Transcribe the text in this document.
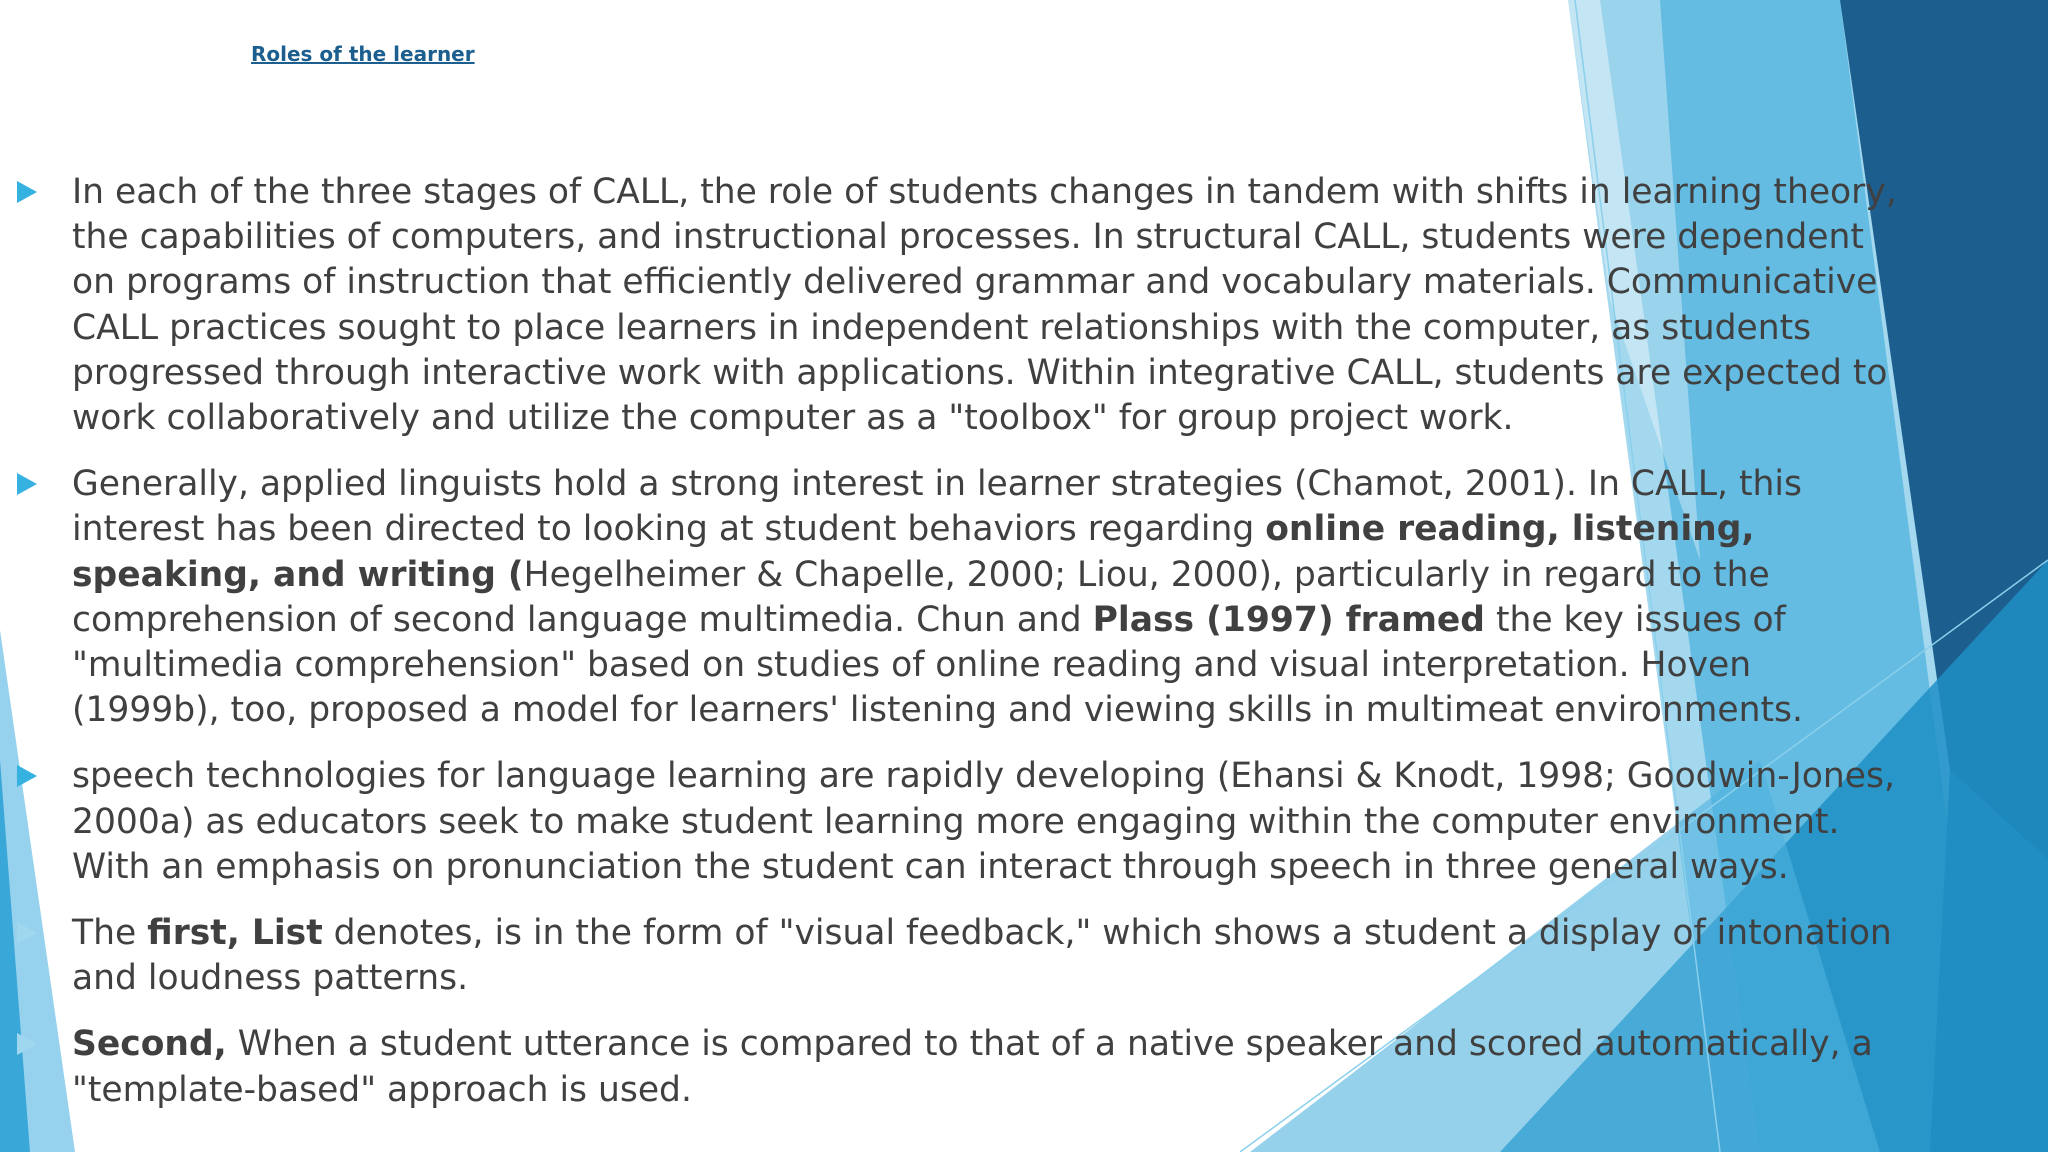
Roles of the learner
In each of the three stages of CALL, the role of students changes in tandem with shifts in learning theory, the capabilities of computers, and instructional processes. In structural CALL, students were dependent on programs of instruction that efficiently delivered grammar and vocabulary materials. Communicative CALL practices sought to place learners in independent relationships with the computer, as students progressed through interactive work with applications. Within integrative CALL, students are expected to work collaboratively and utilize the computer as a "toolbox" for group project work.
Generally, applied linguists hold a strong interest in learner strategies (Chamot, 2001). In CALL, this interest has been directed to looking at student behaviors regarding online reading, listening, speaking, and writing (Hegelheimer & Chapelle, 2000; Liou, 2000), particularly in regard to the comprehension of second language multimedia. Chun and Plass (1997) framed the key issues of "multimedia comprehension" based on studies of online reading and visual interpretation. Hoven (1999b), too, proposed a model for learners' listening and viewing skills in multimeat environments.
speech technologies for language learning are rapidly developing (Ehansi & Knodt, 1998; Goodwin-Jones, 2000a) as educators seek to make student learning more engaging within the computer environment. With an emphasis on pronunciation the student can interact through speech in three general ways.
The first, List denotes, is in the form of "visual feedback," which shows a student a display of intonation and loudness patterns.
Second, When a student utterance is compared to that of a native speaker and scored automatically, a "template-based" approach is used.
